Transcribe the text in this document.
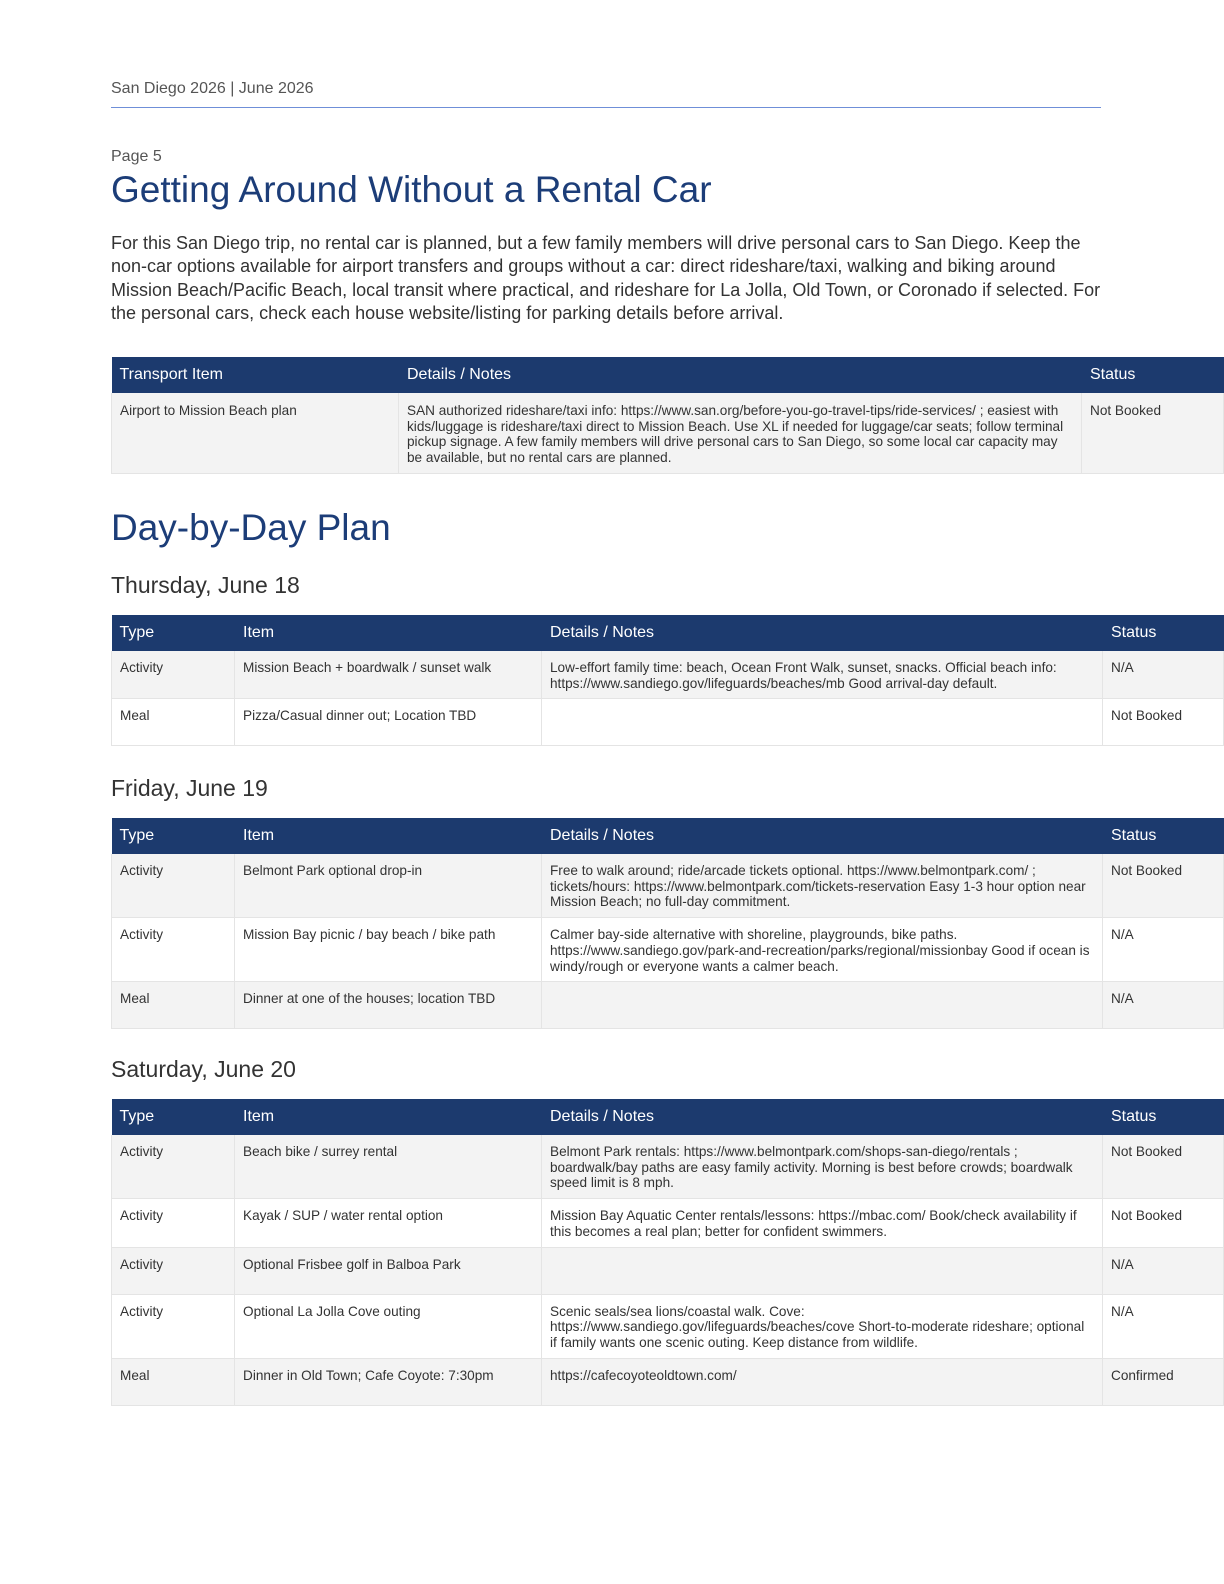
San Diego 2026 | June 2026
Page 5
Getting Around Without a Rental Car

For this San Diego trip, no rental car is planned, but a few family members will drive personal cars to San Diego. Keep the non-car options available for airport transfers and groups without a car: direct rideshare/taxi, walking and biking around Mission Beach/Pacific Beach, local transit where practical, and rideshare for La Jolla, Old Town, or Coronado if selected. For the personal cars, check each house website/listing for parking details before arrival.

Transport Item	Details / Notes	Status
Airport to Mission Beach plan	SAN authorized rideshare/taxi info: https://www.san.org/before-you-go-travel-tips/ride-services/ ; easiest with kids/luggage is rideshare/taxi direct to Mission Beach. Use XL if needed for luggage/car seats; follow terminal pickup signage. A few family members will drive personal cars to San Diego, so some local car capacity may be available, but no rental cars are planned.	Not Booked
Day-by-Day Plan
Thursday, June 18
Type	Item	Details / Notes	Status
Activity	Mission Beach + boardwalk / sunset walk	Low-effort family time: beach, Ocean Front Walk, sunset, snacks. Official beach info: https://www.sandiego.gov/lifeguards/beaches/mb Good arrival-day default.	N/A
Meal	Pizza/Casual dinner out; Location TBD		Not Booked
Friday, June 19
Type	Item	Details / Notes	Status
Activity	Belmont Park optional drop-in	Free to walk around; ride/arcade tickets optional. https://www.belmontpark.com/ ; tickets/hours: https://www.belmontpark.com/tickets-reservation Easy 1-3 hour option near Mission Beach; no full-day commitment.	Not Booked
Activity	Mission Bay picnic / bay beach / bike path	Calmer bay-side alternative with shoreline, playgrounds, bike paths. https://www.sandiego.gov/park-and-recreation/parks/regional/missionbay Good if ocean is windy/rough or everyone wants a calmer beach.	N/A
Meal	Dinner at one of the houses; location TBD		N/A
Saturday, June 20
Type	Item	Details / Notes	Status
Activity	Beach bike / surrey rental	Belmont Park rentals: https://www.belmontpark.com/shops-san-diego/rentals ; boardwalk/bay paths are easy family activity. Morning is best before crowds; boardwalk speed limit is 8 mph.	Not Booked
Activity	Kayak / SUP / water rental option	Mission Bay Aquatic Center rentals/lessons: https://mbac.com/ Book/check availability if this becomes a real plan; better for confident swimmers.	Not Booked
Activity	Optional Frisbee golf in Balboa Park		N/A
Activity	Optional La Jolla Cove outing	Scenic seals/sea lions/coastal walk. Cove: https://www.sandiego.gov/lifeguards/beaches/cove Short-to-moderate rideshare; optional if family wants one scenic outing. Keep distance from wildlife.	N/A
Meal	Dinner in Old Town; Cafe Coyote: 7:30pm	https://cafecoyoteoldtown.com/	Confirmed
